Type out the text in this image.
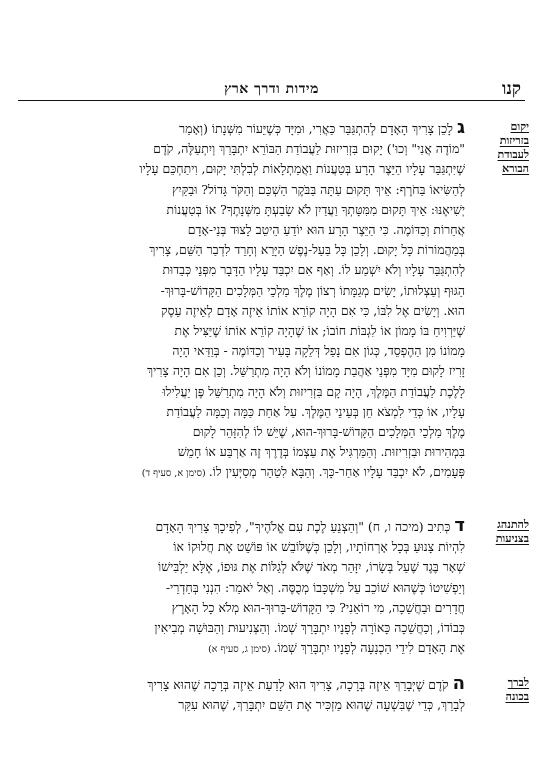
קנו
מידות ודרך ארץ
יקום
בזריזות
לעבודת
הבורא
גלָכֵן צָרִיךְ הָאָדָם לְהִתְגַּבֵּר כַּאֲרִי, וּמִיָּד כְּשֶׁיֵּעוֹר מִשְּׁנָתוֹ (וְאָמַר
"מוֹדֶה אֲנִי" וְכוּ') יָקוּם בִּזְרִיזוּת לַעֲבוֹדַת הַבּוֹרֵא יִתְבָּרַךְ וְיִתְעַלֶּה, קֹדֶם
שֶׁיִּתְגַּבֵּר עָלָיו הַיֵּצֶר הָרָע בְּטַעֲנוֹת וַאֲמַתְלָאוֹת לְבִלְתִּי יָקוּם, וִיתַחְכֵּם עָלָיו
לְהַשִּׂיאוֹ בַּחֹרֶף: אֵיךְ תָּקוּם עַתָּה בַּבֹּקֶר הַשְׁכֵּם וְהַקֹּר גָּדוֹל? וּבַקַּיִץ
יְשִׁיאֶנּוּ: אֵיךְ תָּקוּם מִמִּטָּתְךָ וַעֲדַיִן לֹא שָׂבַעְתָּ מִשְּׁנָתֶךָ? אוֹ בְּטַעֲנוֹת
אֲחֵרוֹת וְכַדּוֹמֶה. כִּי הַיֵּצֶר הָרָע הוּא יוֹדֵעַ הֵיטֵב לָצוּד בְּנֵי-אָדָם
בְּמַהֲמוֹרוֹת כָּל יָקוּם. וְלָכֵן כָּל בַּעַל-נֶפֶשׁ הַיָּרֵא וְחָרֵד לִדְבַר הַשֵּׁם, צָרִיךְ
לְהִתְגַּבֵּר עָלָיו וְלֹא יִשְׁמַע לוֹ. וְאַף אִם יִכְבַּד עָלָיו הַדָּבָר מִפְּנֵי כְּבֵדוּת
הַגּוּף וְעַצְלוּתוֹ, יָשִׂים מְגַמָּתוֹ רְצוֹן מֶלֶךְ מַלְכֵי הַמְּלָכִים הַקָּדוֹשׁ-בָּרוּךְ-
הוּא. וְיָשִׂים אֶל לִבּוֹ, כִּי אִם הָיָה קוֹרֵא אוֹתוֹ אֵיזֶה אָדָם לְאֵיזֶה עֵסֶק
שֶׁיַּרְוִיחַ בּוֹ מָמוֹן אוֹ לִגְבּוֹת חוֹבוֹ; אוֹ שֶׁהָיָה קוֹרֵא אוֹתוֹ שֶׁיַּצִּיל אֶת
מָמוֹנוֹ מִן הַהֶפְסֵד, כְּגוֹן אִם נָפַל דְּלֵקָה בָּעִיר וְכַדּוֹמֶה - בְּוַדַּאי הָיָה
זָרִיז לָקוּם מִיָּד מִפְּנֵי אַהֲבַת מָמוֹנוֹ וְלֹא הָיָה מִתְרַשֵּׁל. וְכֵן אִם הָיָה צָרִיךְ
לָלֶכֶת לַעֲבוֹדַת הַמֶּלֶךְ, הָיָה קָם בִּזְרִיזוּת וְלֹא הָיָה מִתְרַשֵּׁל פֶּן יַעֲלִילוּ
עָלָיו, אוֹ כְּדֵי לִמְצֹא חֵן בְּעֵינֵי הַמֶּלֶךְ. עַל אַחַת כַּמָּה וְכַמָּה לַעֲבוֹדַת
מֶלֶךְ מַלְכֵי הַמְּלָכִים הַקָּדוֹשׁ-בָּרוּךְ-הוּא, שֶׁיֵּשׁ לוֹ לְהִזָּהֵר לָקוּם
בִּמְהִירוּת וּבִזְרִיזוּת. וְהַמַּרְגִּיל אֶת עַצְמוֹ בְּדֶרֶךְ זֶה אַרְבַּע אוֹ חָמֵשׁ
פְּעָמִים, לֹא יִכְבַּד עָלָיו אַחַר-כָּךְ. וְהַבָּא לִטַהֵר מְסַיְּעִין לוֹ. (סימן א, סעיף ד)
להתנהג
בצניעות
דכְּתִיב (מיכה ו, ח) "וְהַצְנֵעַ לֶכֶת עִם אֱלֹהֶיךָ", לְפִיכָךְ צָרִיךְ הָאָדָם
לִהְיוֹת צָנוּעַ בְּכָל אָרְחוֹתָיו, וְלָכֵן כְּשֶׁלּוֹבֵשׁ אוֹ פּוֹשֵׁט אֶת חֲלוּקוֹ אוֹ
שְׁאָר בֶּגֶד שֶׁעַל בְּשָׂרוֹ, יִזָּהֵר מְאֹד שֶׁלֹּא לְגַלּוֹת אֶת גּוּפוֹ, אֶלָּא יַלְבִּישׁוֹ
וְיַפְשִׁיטוֹ כְּשֶׁהוּא שׁוֹכֵב עַל מִשְׁכָּבוֹ מְכֻסֶּה. וְאַל יֹאמַר: הִנְנִי בְּחַדְרֵי-
חֲדָרִים וּבַחֲשֵׁכָה, מִי רוֹאֵנִי? כִּי הַקָּדוֹשׁ-בָּרוּךְ-הוּא מְלֹא כָל הָאָרֶץ
כְּבוֹדוֹ, וְכַחֲשֵׁכָה כָּאוֹרָה לְפָנָיו יִתְבָּרַךְ שְׁמוֹ. וְהַצְּנִיעוּת וְהַבּוּשָׁה מְבִיאִין
אֶת הָאָדָם לִידֵי הַכְנָעָה לְפָנָיו יִתְבָּרַךְ שְׁמוֹ. (סימן ג, סעיף א)
לברך
בכונה
הקֹדֶם שֶׁיְּבָרֵךְ אֵיזֶה בְּרָכָה, צָרִיךְ הוּא לָדַעַת אֵיזֶה בְּרָכָה שֶׁהוּא צָרִיךְ
לְבָרֵךְ, כְּדֵי שֶׁבִּשְׁעָה שֶׁהוּא מַזְכִּיר אֶת הַשֵּׁם יִתְבָּרַךְ, שֶׁהוּא עִקַּר
